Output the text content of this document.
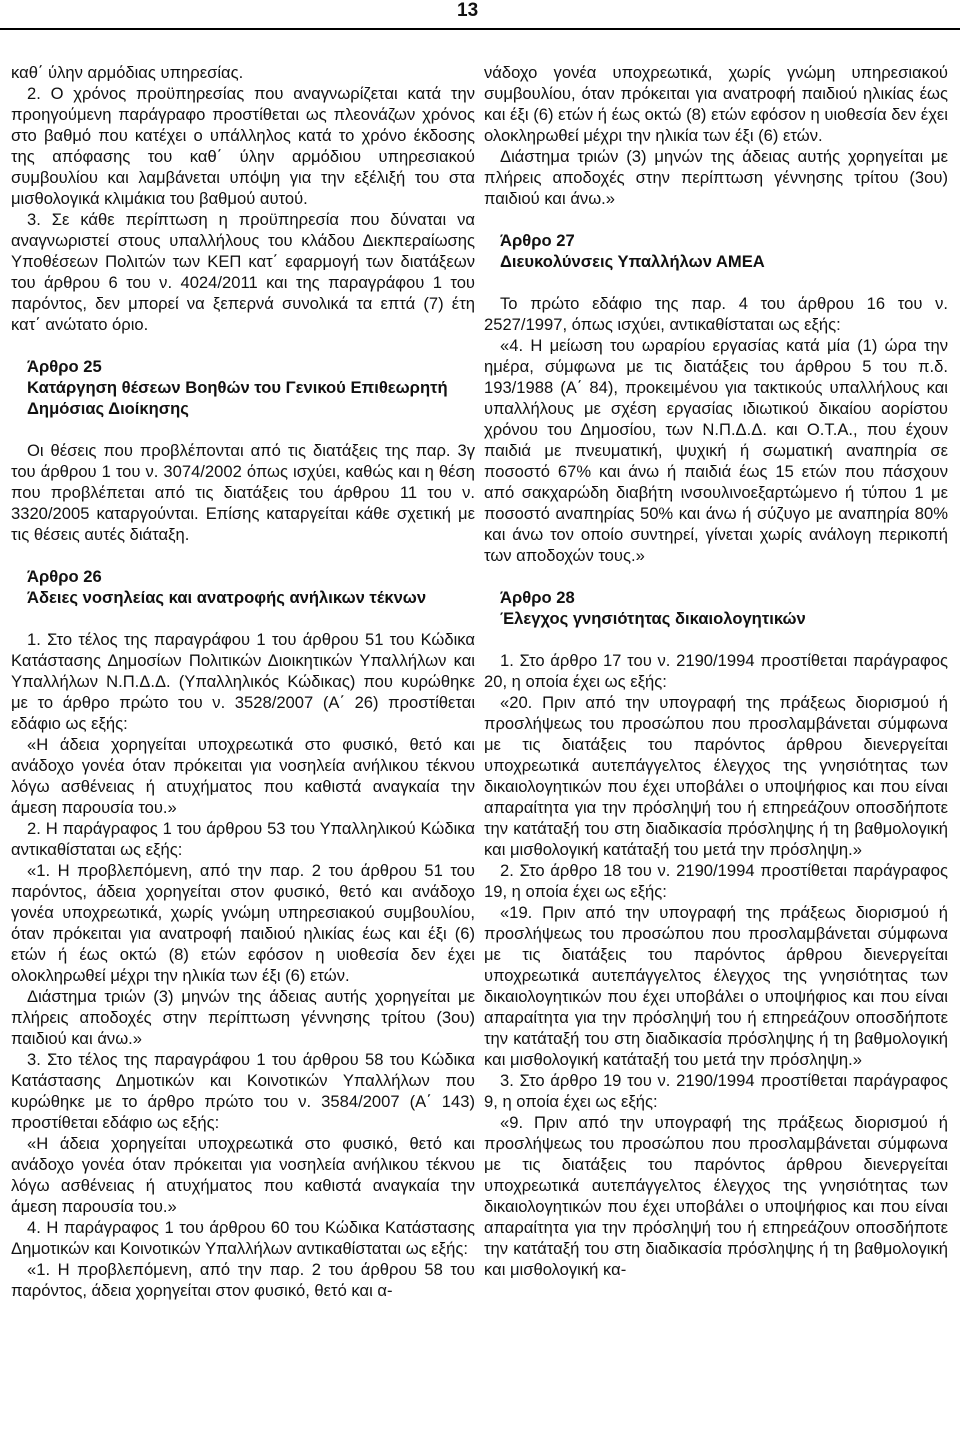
13

καθ΄ ύλην αρμόδιας υπηρεσίας.

2. Ο χρόνος προϋπηρεσίας που αναγνωρίζεται κατά την προηγούμενη παράγραφο προστίθεται ως πλεονάζων χρόνος στο βαθμό που κατέχει ο υπάλληλος κατά το χρόνο έκδοσης της απόφασης του καθ΄ ύλην αρμόδιου υπηρεσιακού συμβουλίου και λαμβάνεται υπόψη για την εξέλιξή του στα μισθολογικά κλιμάκια του βαθμού αυτού.

3. Σε κάθε περίπτωση η προϋπηρεσία που δύναται να αναγνωριστεί στους υπαλλήλους του κλάδου Διεκπεραίωσης Υποθέσεων Πολιτών των ΚΕΠ κατ΄ εφαρμογή των διατάξεων του άρθρου 6 του ν. 4024/2011 και της παραγράφου 1 του παρόντος, δεν μπορεί να ξεπερνά συνολικά τα επτά (7) έτη κατ΄ ανώτατο όριο.

Άρθρο 25

Κατάργηση θέσεων Βοηθών του Γενικού Επιθεωρητή

Δημόσιας Διοίκησης

Οι θέσεις που προβλέπονται από τις διατάξεις της παρ. 3γ του άρθρου 1 του ν. 3074/2002 όπως ισχύει, καθώς και η θέση που προβλέπεται από τις διατάξεις του άρθρου 11 του ν. 3320/2005 καταργούνται. Επίσης καταργείται κάθε σχετική με τις θέσεις αυτές διάταξη.

Άρθρο 26

Άδειες νοσηλείας και ανατροφής ανήλικων τέκνων

1. Στο τέλος της παραγράφου 1 του άρθρου 51 του Κώδικα Κατάστασης Δημοσίων Πολιτικών Διοικητικών Υπαλλήλων και Υπαλλήλων Ν.Π.Δ.Δ. (Υπαλληλικός Κώδικας) που κυρώθηκε με το άρθρο πρώτο του ν. 3528/2007 (Α΄ 26) προστίθεται εδάφιο ως εξής:

«Η άδεια χορηγείται υποχρεωτικά στο φυσικό, θετό και ανάδοχο γονέα όταν πρόκειται για νοσηλεία ανήλικου τέκνου λόγω ασθένειας ή ατυχήματος που καθιστά αναγκαία την άμεση παρουσία του.»

2. Η παράγραφος 1 του άρθρου 53 του Υπαλληλικού Κώδικα αντικαθίσταται ως εξής:

«1. Η προβλεπόμενη, από την παρ. 2 του άρθρου 51 του παρόντος, άδεια χορηγείται στον φυσικό, θετό και ανάδοχο γονέα υποχρεωτικά, χωρίς γνώμη υπηρεσιακού συμβουλίου, όταν πρόκειται για ανατροφή παιδιού ηλικίας έως και έξι (6) ετών ή έως οκτώ (8) ετών εφόσον η υιοθεσία δεν έχει ολοκληρωθεί μέχρι την ηλικία των έξι (6) ετών.

Διάστημα τριών (3) μηνών της άδειας αυτής χορηγείται με πλήρεις αποδοχές στην περίπτωση γέννησης τρίτου (3ου) παιδιού και άνω.»

3. Στο τέλος της παραγράφου 1 του άρθρου 58 του Κώδικα Κατάστασης Δημοτικών και Κοινοτικών Υπαλλήλων που κυρώθηκε με το άρθρο πρώτο του ν. 3584/2007 (Α΄ 143) προστίθεται εδάφιο ως εξής:

«Η άδεια χορηγείται υποχρεωτικά στο φυσικό, θετό και ανάδοχο γονέα όταν πρόκειται για νοσηλεία ανήλικου τέκνου λόγω ασθένειας ή ατυχήματος που καθιστά αναγκαία την άμεση παρουσία του.»

4. Η παράγραφος 1 του άρθρου 60 του Κώδικα Κατάστασης Δημοτικών και Κοινοτικών Υπαλλήλων αντικαθίσταται ως εξής:

«1. Η προβλεπόμενη, από την παρ. 2 του άρθρου 58 του παρόντος, άδεια χορηγείται στον φυσικό, θετό και α-

νάδοχο γονέα υποχρεωτικά, χωρίς γνώμη υπηρεσιακού συμβουλίου, όταν πρόκειται για ανατροφή παιδιού ηλικίας έως και έξι (6) ετών ή έως οκτώ (8) ετών εφόσον η υιοθεσία δεν έχει ολοκληρωθεί μέχρι την ηλικία των έξι (6) ετών.

Διάστημα τριών (3) μηνών της άδειας αυτής χορηγείται με πλήρεις αποδοχές στην περίπτωση γέννησης τρίτου (3ου) παιδιού και άνω.»

Άρθρο 27

Διευκολύνσεις Υπαλλήλων ΑΜΕΑ

Το πρώτο εδάφιο της παρ. 4 του άρθρου 16 του ν. 2527/1997, όπως ισχύει, αντικαθίσταται ως εξής:

«4. Η μείωση του ωραρίου εργασίας κατά μία (1) ώρα την ημέρα, σύμφωνα με τις διατάξεις του άρθρου 5 του π.δ. 193/1988 (Α΄ 84), προκειμένου για τακτικούς υπαλλήλους και υπαλλήλους με σχέση εργασίας ιδιωτικού δικαίου αορίστου χρόνου του Δημοσίου, των Ν.Π.Δ.Δ. και Ο.Τ.Α., που έχουν παιδιά με πνευματική, ψυχική ή σωματική αναπηρία σε ποσοστό 67% και άνω ή παιδιά έως 15 ετών που πάσχουν από σακχαρώδη διαβήτη ινσουλινοεξαρτώμενο ή τύπου 1 με ποσοστό αναπηρίας 50% και άνω ή σύζυγο με αναπηρία 80% και άνω τον οποίο συντηρεί, γίνεται χωρίς ανάλογη περικοπή των αποδοχών τους.»

Άρθρο 28

Έλεγχος γνησιότητας δικαιολογητικών

1. Στο άρθρο 17 του ν. 2190/1994 προστίθεται παράγραφος 20, η οποία έχει ως εξής:

«20. Πριν από την υπογραφή της πράξεως διορισμού ή προσλήψεως του προσώπου που προσλαμβάνεται σύμφωνα με τις διατάξεις του παρόντος άρθρου διενεργείται υποχρεωτικά αυτεπάγγελτος έλεγχος της γνησιότητας των δικαιολογητικών που έχει υποβάλει ο υποψήφιος και που είναι απαραίτητα για την πρόσληψή του ή επηρεάζουν οποσδήποτε την κατάταξή του στη διαδικασία πρόσληψης ή τη βαθμολογική και μισθολογική κατάταξή του μετά την πρόσληψη.»

2. Στο άρθρο 18 του ν. 2190/1994 προστίθεται παράγραφος 19, η οποία έχει ως εξής:

«19. Πριν από την υπογραφή της πράξεως διορισμού ή προσλήψεως του προσώπου που προσλαμβάνεται σύμφωνα με τις διατάξεις του παρόντος άρθρου διενεργείται υποχρεωτικά αυτεπάγγελτος έλεγχος της γνησιότητας των δικαιολογητικών που έχει υποβάλει ο υποψήφιος και που είναι απαραίτητα για την πρόσληψή του ή επηρεάζουν οποσδήποτε την κατάταξή του στη διαδικασία πρόσληψης ή τη βαθμολογική και μισθολογική κατάταξή του μετά την πρόσληψη.»

3. Στο άρθρο 19 του ν. 2190/1994 προστίθεται παράγραφος 9, η οποία έχει ως εξής:

«9. Πριν από την υπογραφή της πράξεως διορισμού ή προσλήψεως του προσώπου που προσλαμβάνεται σύμφωνα με τις διατάξεις του παρόντος άρθρου διενεργείται υποχρεωτικά αυτεπάγγελτος έλεγχος της γνησιότητας των δικαιολογητικών που έχει υποβάλει ο υποψήφιος και που είναι απαραίτητα για την πρόσληψή του ή επηρεάζουν οποσδήποτε την κατάταξή του στη διαδικασία πρόσληψης ή τη βαθμολογική και μισθολογική κα-
